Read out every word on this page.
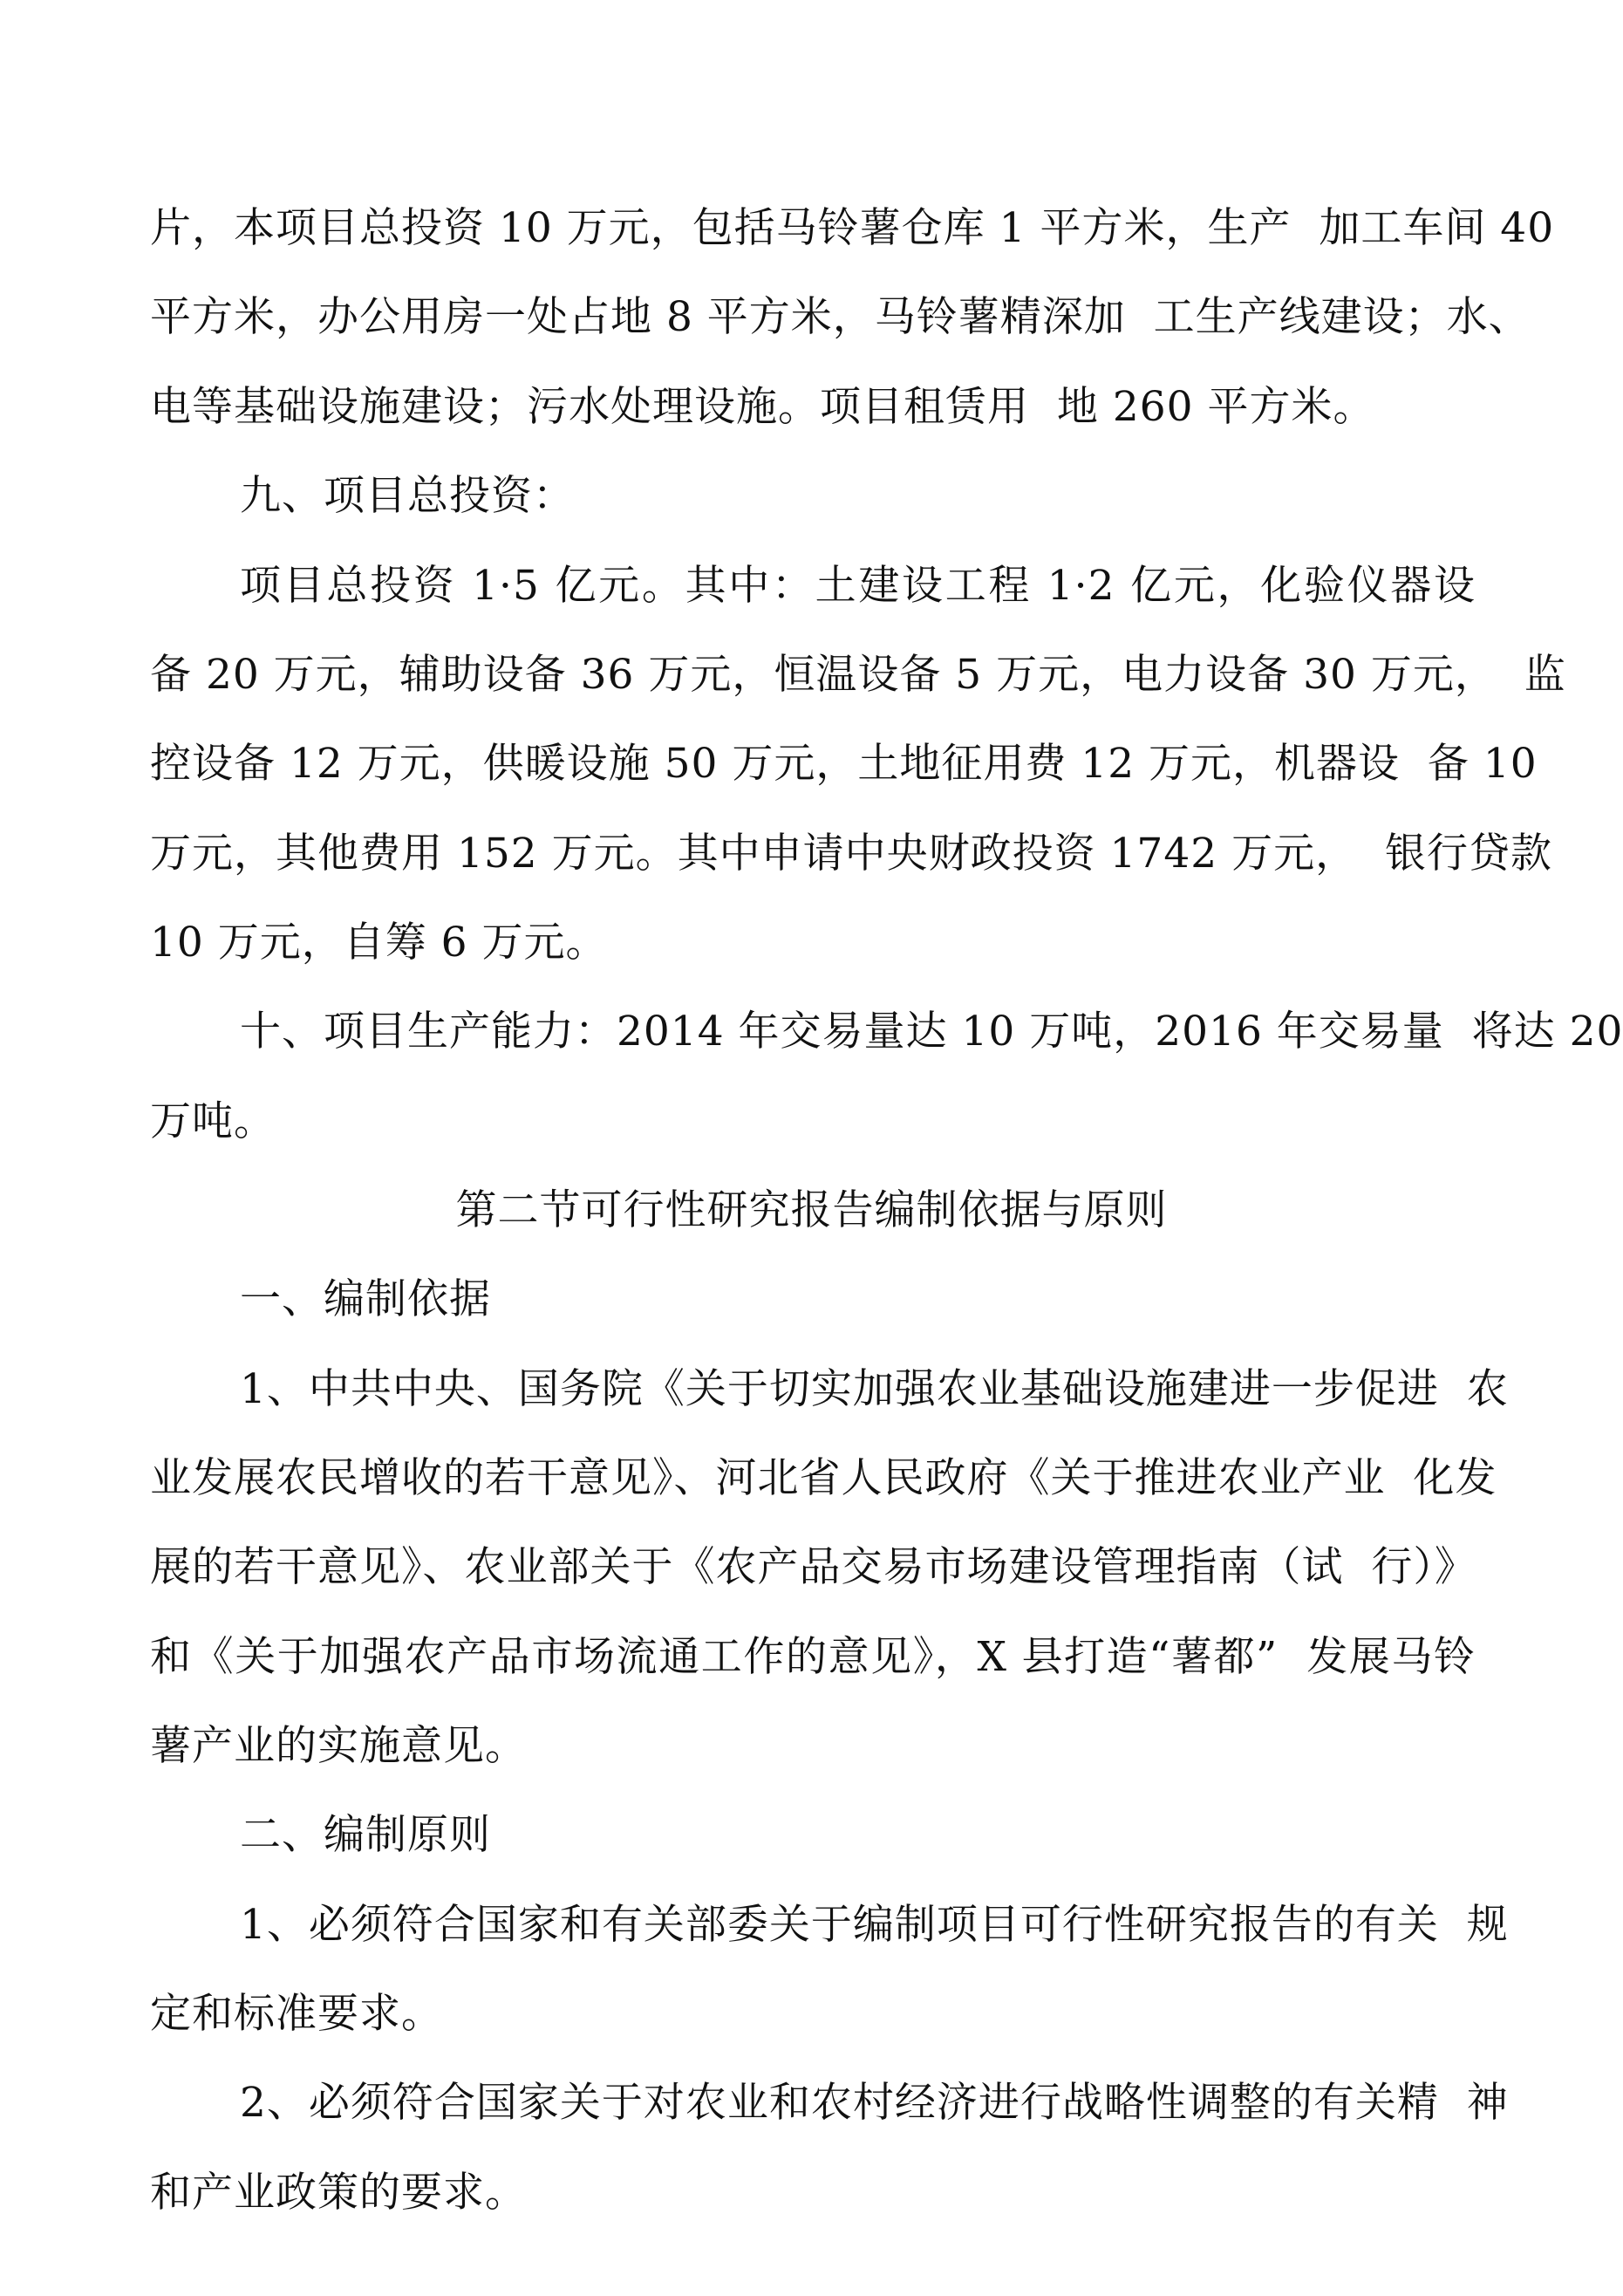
片，本项目总投资 10 万元，包括马铃薯仓库 1 平方米，生产  加工车间 40
平方米，办公用房一处占地 8 平方米，马铃薯精深加  工生产线建设；水、
电等基础设施建设；污水处理设施。项目租赁用  地 260 平方米。
九、项目总投资：
项目总投资 1·5 亿元。其中：土建设工程 1·2 亿元，化验仪器设
备 20 万元，辅助设备 36 万元，恒温设备 5 万元，电力设备 30 万元，  监
控设备 12 万元，供暖设施 50 万元，土地征用费 12 万元，机器设  备 10
万元，其他费用 152 万元。其中申请中央财政投资 1742 万元，  银行贷款
10 万元，自筹 6 万元。
十、项目生产能力：2014 年交易量达 10 万吨，2016 年交易量  将达 20
万吨。
第二节可行性研究报告编制依据与原则
一、编制依据
1、中共中央、国务院《关于切实加强农业基础设施建进一步促进  农
业发展农民增收的若干意见》、河北省人民政府《关于推进农业产业  化发
展的若干意见》、农业部关于《农产品交易市场建设管理指南（试  行）》
和《关于加强农产品市场流通工作的意见》，X 县打造“薯都”  发展马铃
薯产业的实施意见。
二、编制原则
1、必须符合国家和有关部委关于编制项目可行性研究报告的有关  规
定和标准要求。
2、必须符合国家关于对农业和农村经济进行战略性调整的有关精  神
和产业政策的要求。
